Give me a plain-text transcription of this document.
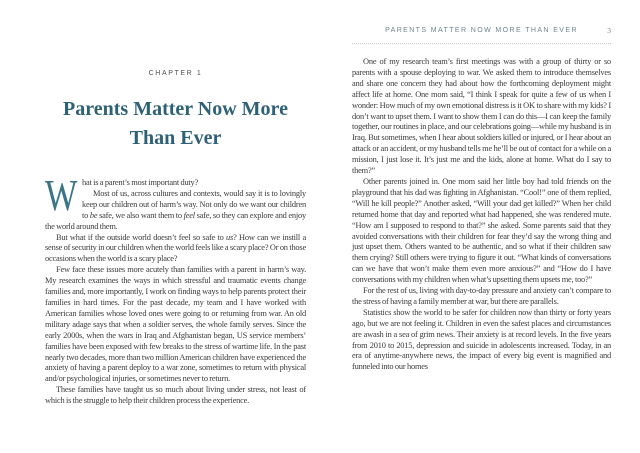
CHAPTER 1
Parents Matter Now More
Than Ever
W hat is a parent’s most important duty?

Most of us, across cultures and contexts, would say it is to lovingly keep our children out of harm’s way. Not only do we want our children to be safe, we also want them to feel safe, so they can explore and enjoy the world around them.

But what if the outside world doesn’t feel so safe to us? How can we instill a sense of security in our children when the world feels like a scary place? Or on those occasions when the world is a scary place?

Few face these issues more acutely than families with a parent in harm’s way. My research examines the ways in which stressful and traumatic events change families and, more importantly, I work on finding ways to help parents protect their families in hard times. For the past decade, my team and I have worked with American families whose loved ones were going to or returning from war. An old military adage says that when a soldier serves, the whole family serves. Since the early 2000s, when the wars in Iraq and Afghanistan began, US service members’ families have been exposed with few breaks to the stress of wartime life. In the past nearly two decades, more than two million American children have experienced the anxiety of having a parent deploy to a war zone, sometimes to return with physical and/or psychological injuries, or sometimes never to return.

These families have taught us so much about living under stress, not least of which is the struggle to help their children process the experience.

PARENTS MATTER NOW MORE THAN EVER	3

One of my research team’s first meetings was with a group of thirty or so parents with a spouse deploying to war. We asked them to introduce themselves and share one concern they had about how the forthcoming deployment might affect life at home. One mom said, “I think I speak for quite a few of us when I wonder: How much of my own emotional distress is it OK to share with my kids? I don’t want to upset them. I want to show them I can do this—I can keep the family together, our routines in place, and our celebrations going—while my husband is in Iraq. But sometimes, when I hear about soldiers killed or injured, or I hear about an attack or an accident, or my husband tells me he’ll be out of contact for a while on a mission, I just lose it. It’s just me and the kids, alone at home. What do I say to them?”

Other parents joined in. One mom said her little boy had told friends on the playground that his dad was fighting in Afghanistan. “Cool!” one of them replied, “Will he kill people?” Another asked, “Will your dad get killed?” When her child returned home that day and reported what had happened, she was rendered mute. “How am I supposed to respond to that?” she asked. Some parents said that they avoided conversations with their children for fear they’d say the wrong thing and just upset them. Others wanted to be authentic, and so what if their children saw them crying? Still others were trying to figure it out. “What kinds of conversations can we have that won’t make them even more anxious?” and “How do I have conversations with my children when what’s upsetting them upsets me, too?”

For the rest of us, living with day-to-day pressure and anxiety can’t compare to the stress of having a family member at war, but there are parallels.

Statistics show the world to be safer for children now than thirty or forty years ago, but we are not feeling it. Children in even the safest places and circumstances are awash in a sea of grim news. Their anxiety is at record levels. In the five years from 2010 to 2015, depression and suicide in adolescents increased. Today, in an era of anytime-anywhere news, the impact of every big event is magnified and funneled into our homes
